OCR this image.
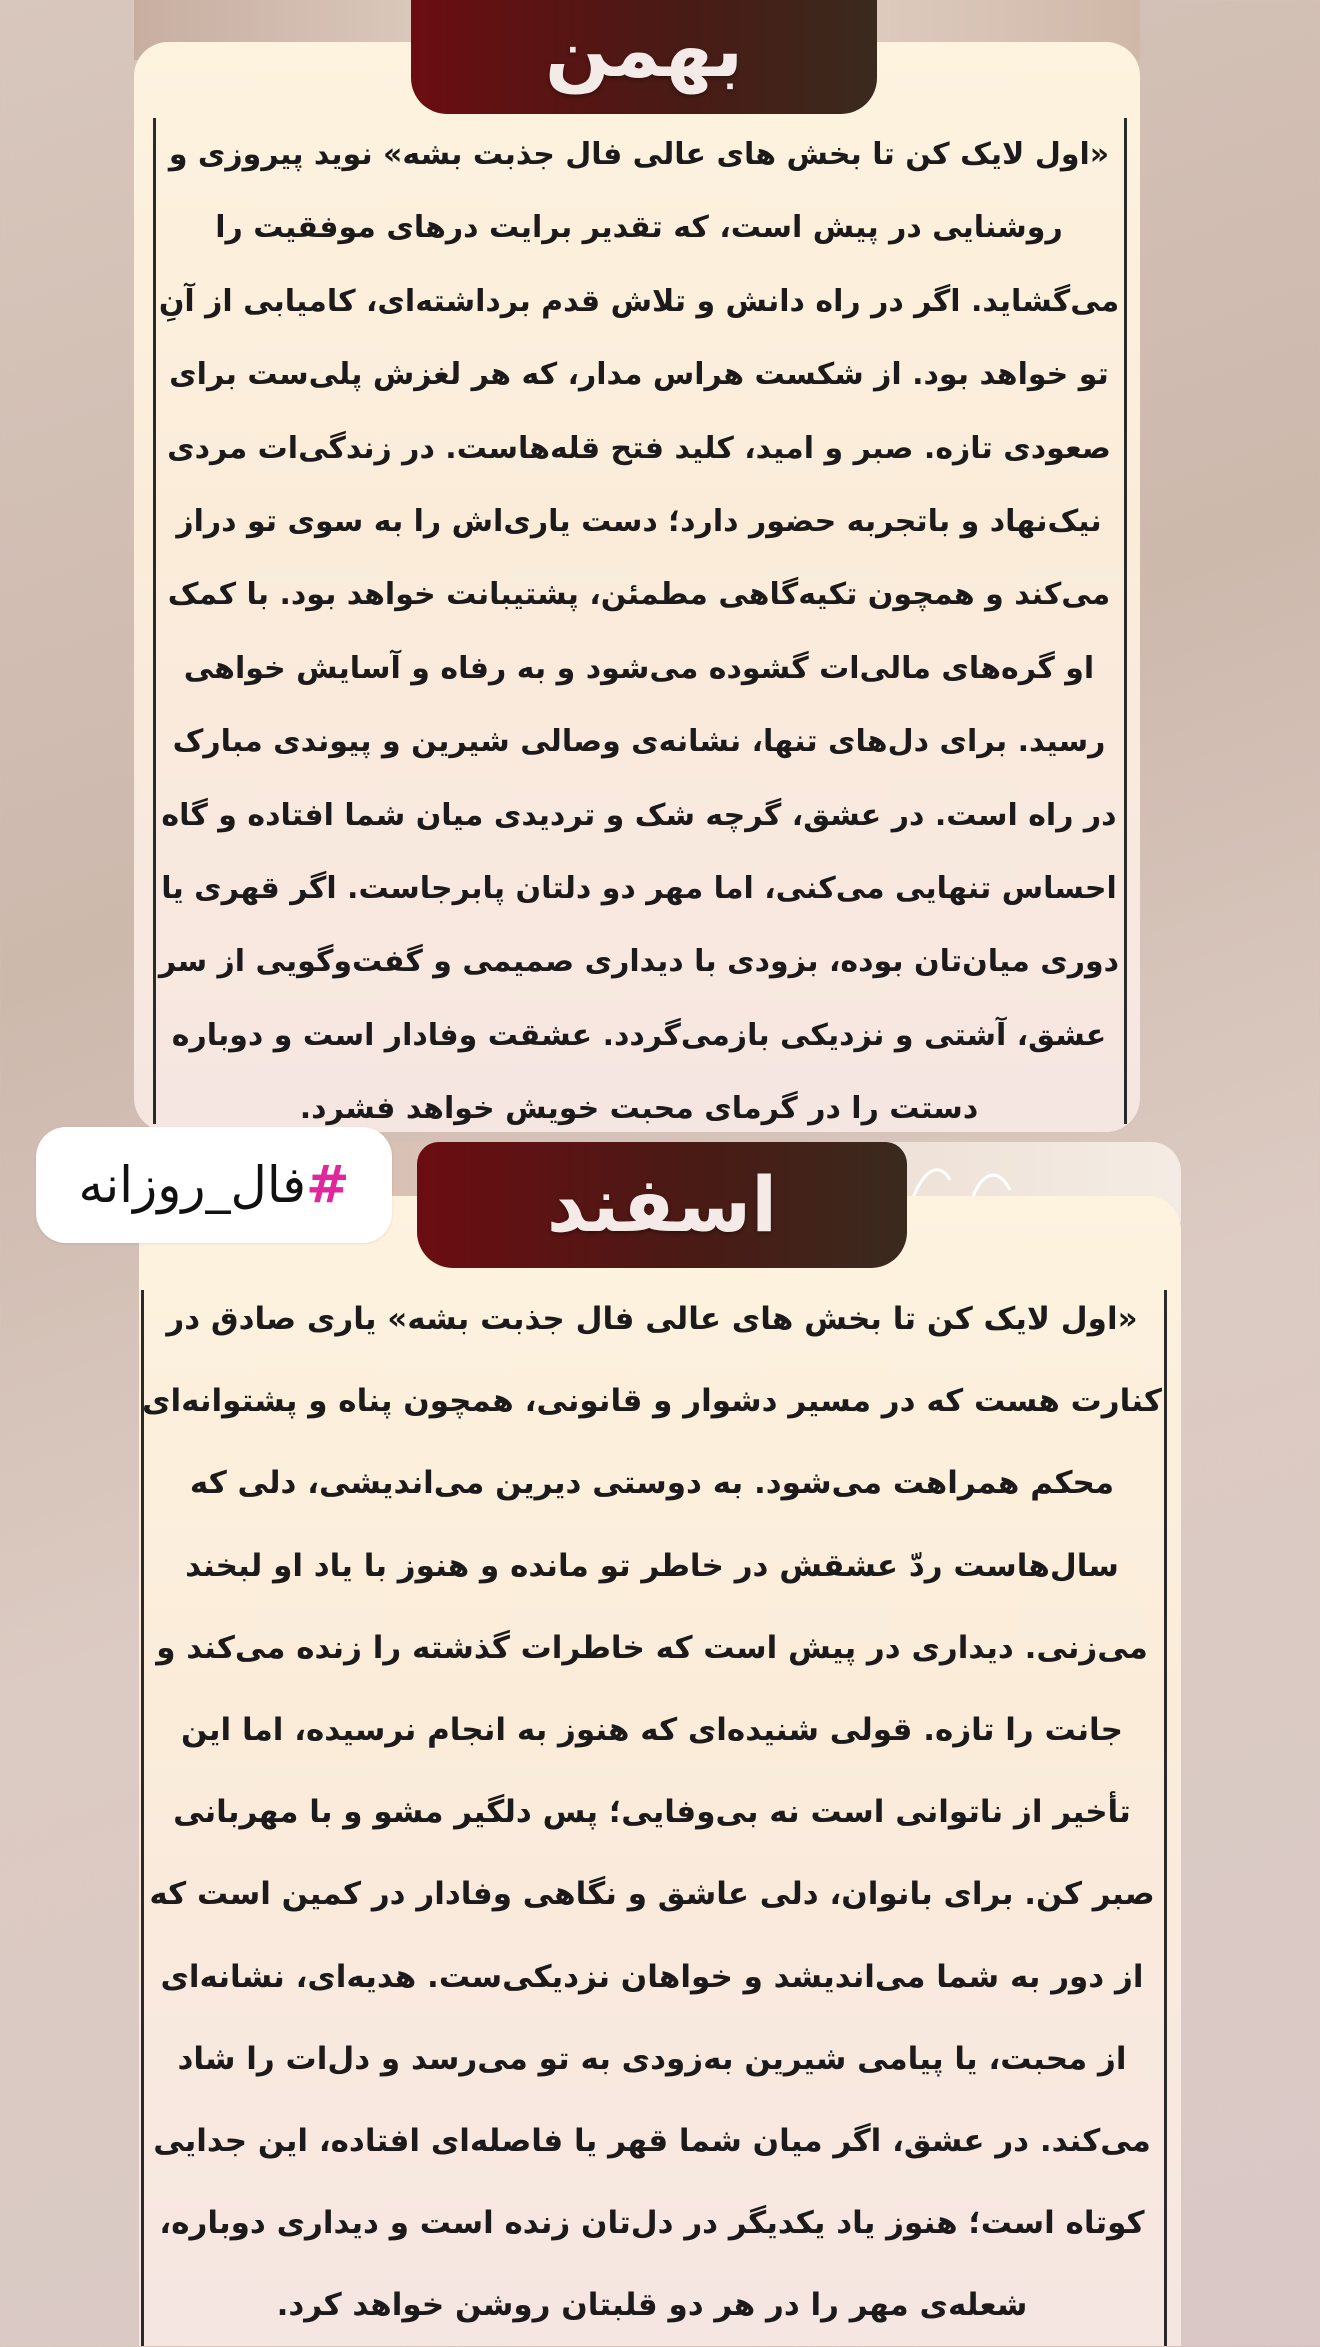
بهمن

«اول لایک کن تا بخش های عالی فال جذبت بشه» نوید پیروزی و روشنایی در پیش است، که تقدیر برایت درهای موفقیت را می‌گشاید. اگر در راه دانش و تلاش قدم برداشته‌ای، کامیابی از آنِ تو خواهد بود. از شکست هراس مدار، که هر لغزش پلی‌ست برای صعودی تازه. صبر و امید، کلید فتح قله‌هاست. در زندگی‌ات مردی نیک‌نهاد و باتجربه حضور دارد؛ دست یاری‌اش را به سوی تو دراز می‌کند و همچون تکیه‌گاهی مطمئن، پشتیبانت خواهد بود. با کمک او گره‌های مالی‌ات گشوده می‌شود و به رفاه و آسایش خواهی رسید. برای دل‌های تنها، نشانه‌ی وصالی شیرین و پیوندی مبارک در راه است. در عشق، گرچه شک و تردیدی میان شما افتاده و گاه احساس تنهایی می‌کنی، اما مهر دو دلتان پابرجاست. اگر قهری یا دوری میان‌تان بوده، بزودی با دیداری صمیمی و گفت‌وگویی از سر عشق، آشتی و نزدیکی بازمی‌گردد. عشقت وفادار است و دوباره دستت را در گرمای محبت خویش خواهد فشرد.

اسفند

«اول لایک کن تا بخش های عالی فال جذبت بشه» یاری صادق در کنارت هست که در مسیر دشوار و قانونی، همچون پناه و پشتوانه‌ای محکم همراهت می‌شود. به دوستی دیرین می‌اندیشی، دلی که سال‌هاست ردّ عشقش در خاطر تو مانده و هنوز با یاد او لبخند می‌زنی. دیداری در پیش است که خاطرات گذشته را زنده می‌کند و جانت را تازه. قولی شنیده‌ای که هنوز به انجام نرسیده، اما این تأخیر از ناتوانی است نه بی‌وفایی؛ پس دلگیر مشو و با مهربانی صبر کن. برای بانوان، دلی عاشق و نگاهی وفادار در کمین است که از دور به شما می‌اندیشد و خواهان نزدیکی‌ست. هدیه‌ای، نشانه‌ای از محبت، یا پیامی شیرین به‌زودی به تو می‌رسد و دل‌ات را شاد می‌کند. در عشق، اگر میان شما قهر یا فاصله‌ای افتاده، این جدایی کوتاه است؛ هنوز یاد یکدیگر در دل‌تان زنده است و دیداری دوباره، شعله‌ی مهر را در هر دو قلبتان روشن خواهد کرد.

#
فال_روزانه
